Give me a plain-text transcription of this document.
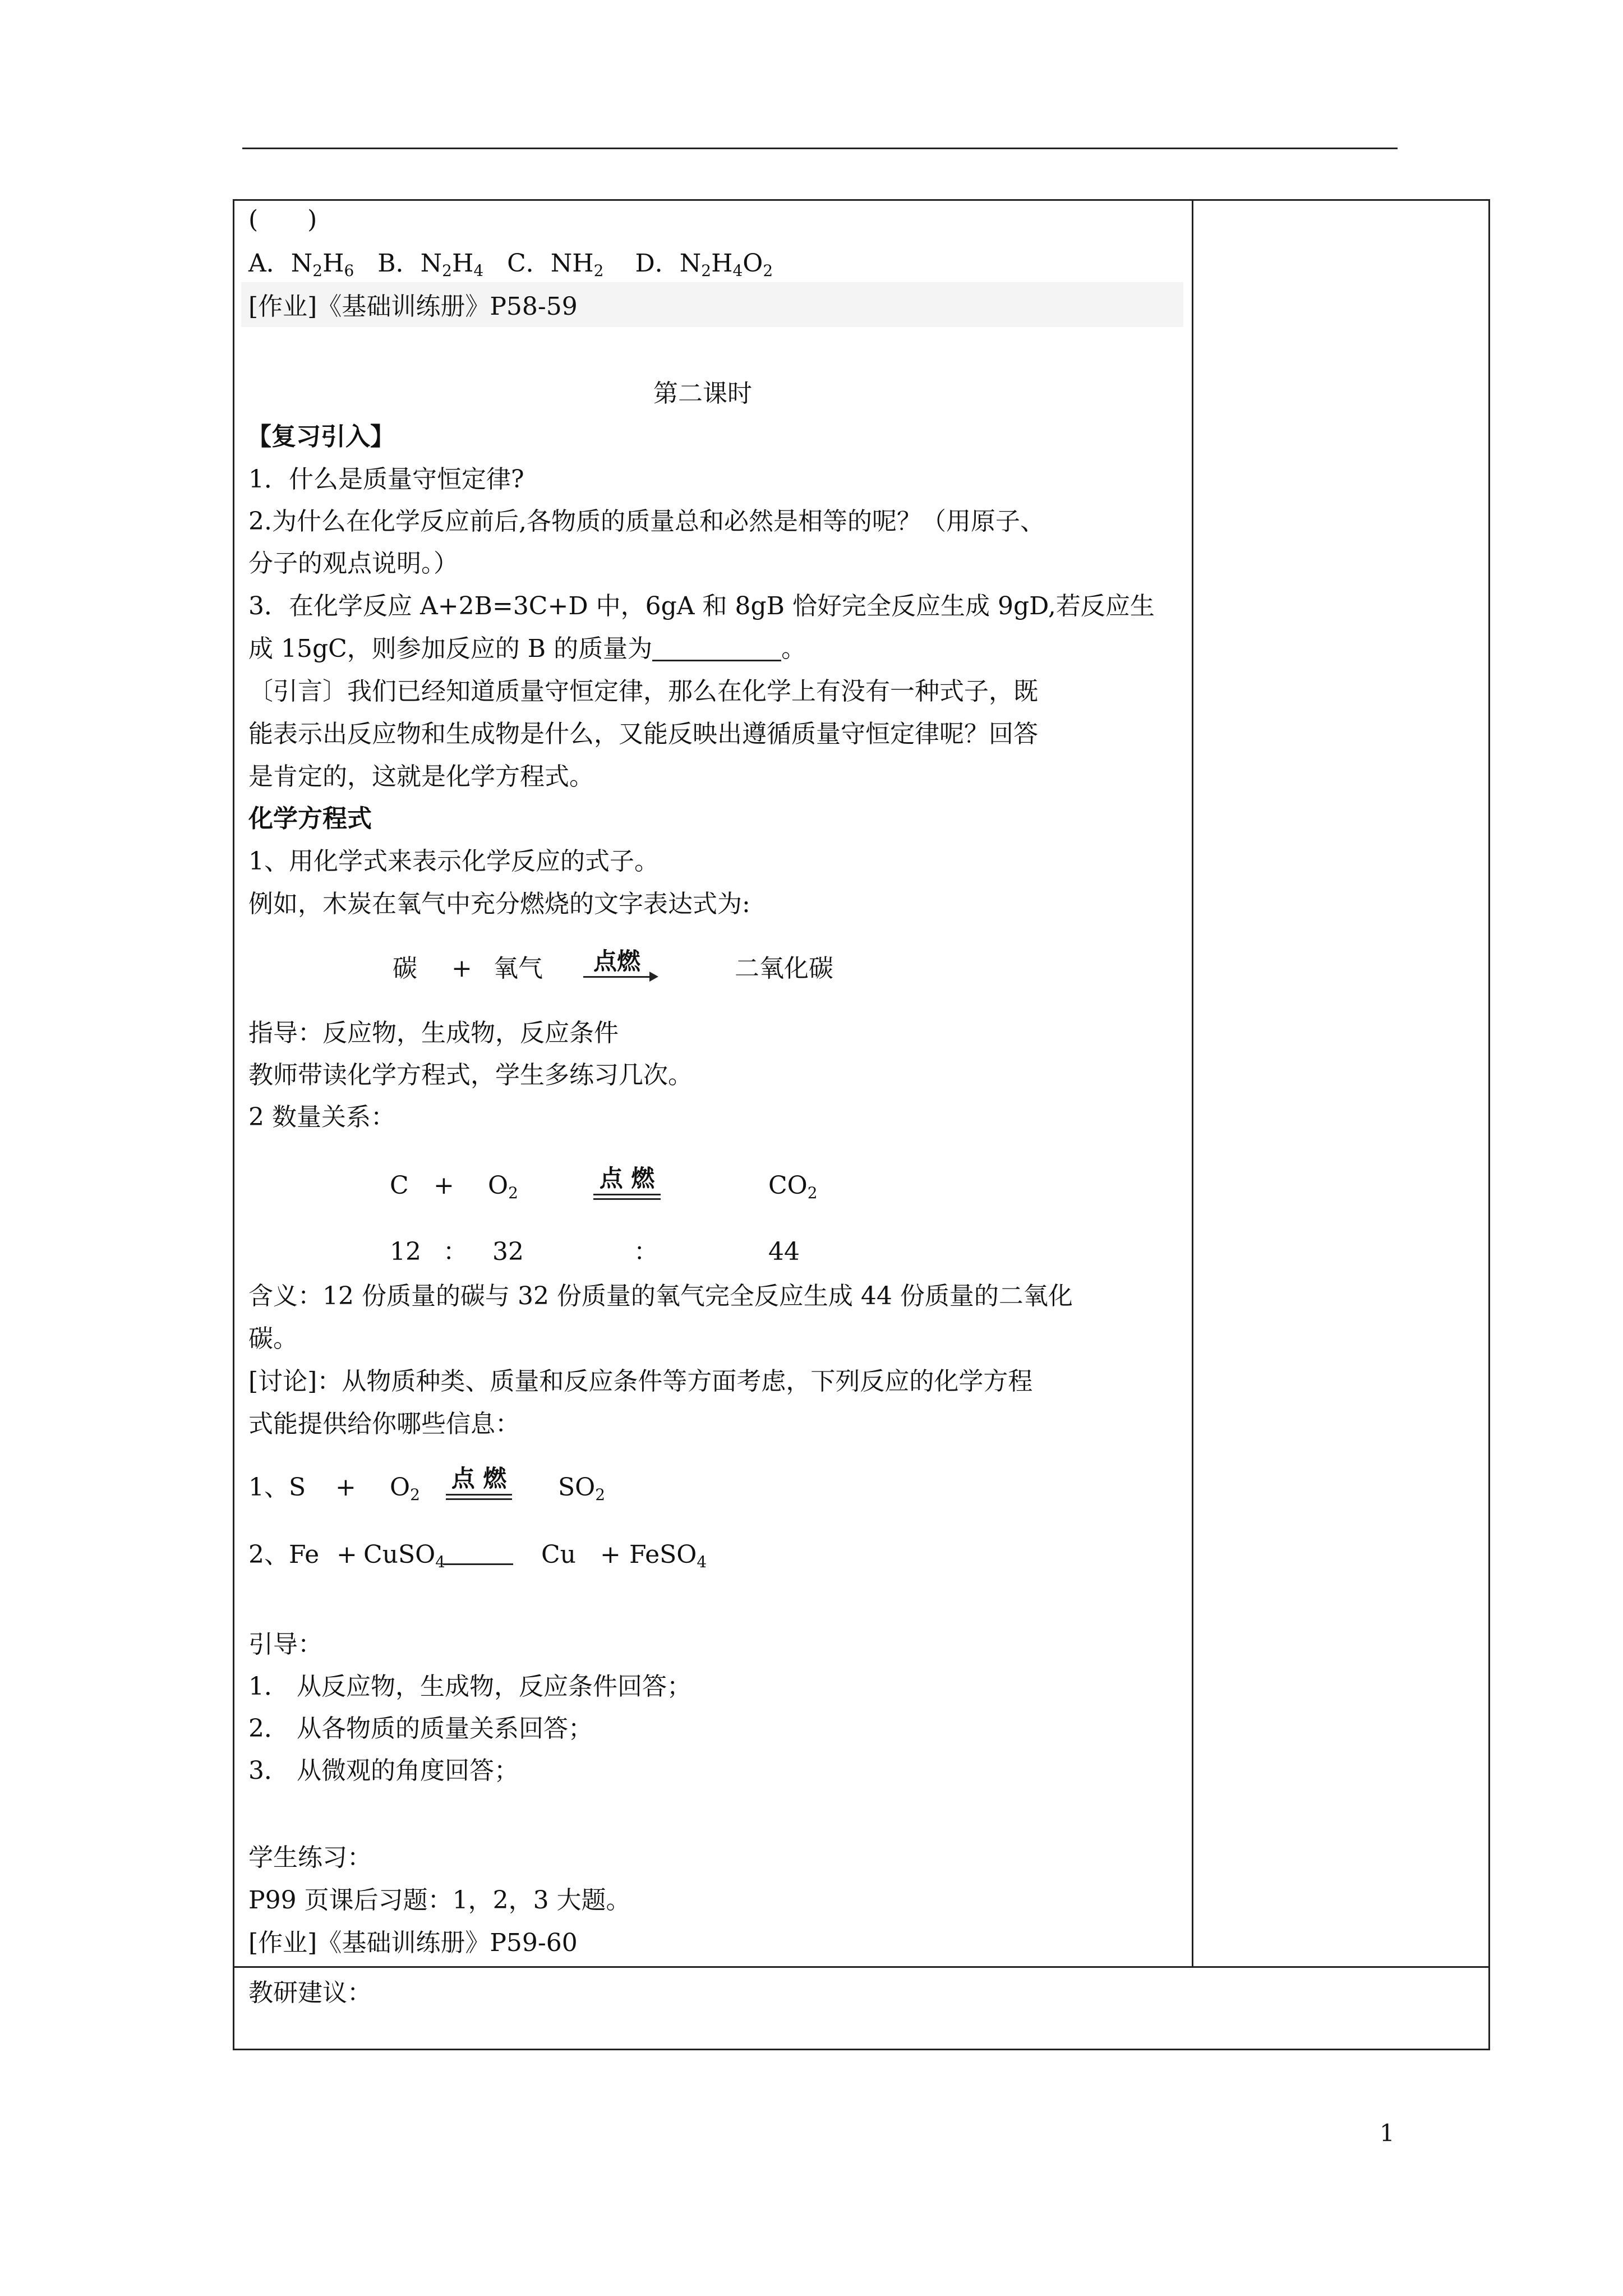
(　　)
A．$N_2H_6$ B．$N_2H_4$ C．$NH_2$ D．$N_2H_4O_2$
[作业]《基础训练册》P58-59
第二课时
【复习引入】
1．什么是质量守恒定律?
2.为什么在化学反应前后,各物质的质量总和必然是相等的呢？（用原子、
分子的观点说明。）
3．在化学反应 A+2B=3C+D 中，6gA 和 8gB 恰好完全反应生成 9gD,若反应生
成 15gC，则参加反应的 B 的质量为	。
〔引言〕我们已经知道质量守恒定律，那么在化学上有没有一种式子，既
能表示出反应物和生成物是什么，又能反映出遵循质量守恒定律呢？回答
是肯定的，这就是化学方程式。
化学方程式
1、用化学式来表示化学反应的式子。
例如，木炭在氧气中充分燃烧的文字表达式为:
碳 + 氧气	点燃	二氧化碳
指导：反应物，生成物，反应条件
教师带读化学方程式，学生多练习几次。
2 数量关系：
$C + O_2$
点 燃	$CO_2$
12 ： 32	：	44
含义：12 份质量的碳与 32 份质量的氧气完全反应生成 44 份质量的二氧化
碳。
[讨论]：从物质种类、质量和反应条件等方面考虑，下列反应的化学方程
式能提供给你哪些信息：
1、$S + O_2$
点 燃 $SO_2$
2、Fe + CuSO$_4$	Cu + FeSO$_4$
引导：
1． 从反应物，生成物，反应条件回答；
2． 从各物质的质量关系回答；
3． 从微观的角度回答；
学生练习：
P99 页课后习题：1，2，3 大题。
[作业]《基础训练册》P59-60
教研建议：
1
